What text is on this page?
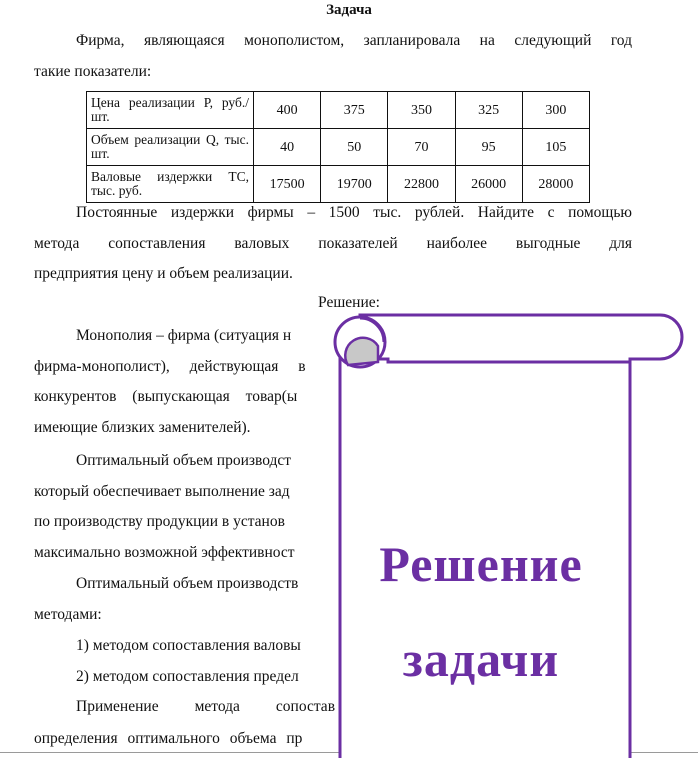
Задача
Фирма, являющаяся монополистом, запланировала на следующий год
такие показатели:
Цена реализации Р, руб./шт.	400	375	350	325	300
Объем реализации Q, тыс. шт.	40	50	70	95	105
Валовые издержки ТС, тыс. руб.	17500	19700	22800	26000	28000
Постоянные издержки фирмы – 1500 тыс. рублей. Найдите с помощью
метода сопоставления валовых показателей наиболее выгодные для
предприятия цену и объем реализации.
Решение:
Монополия – фирма (ситуация н
фирма-монополист), действующая в
конкурентов (выпускающая товар(ы
имеющие близких заменителей).
Оптимальный объем производст
который обеспечивает выполнение зад
по производству продукции в установ
максимально возможной эффективност
Оптимальный объем производств
методами:
1) методом сопоставления валовы
2) методом сопоставления предел
Применение метода сопостав
определения оптимального объема пр
Решение
задачи
